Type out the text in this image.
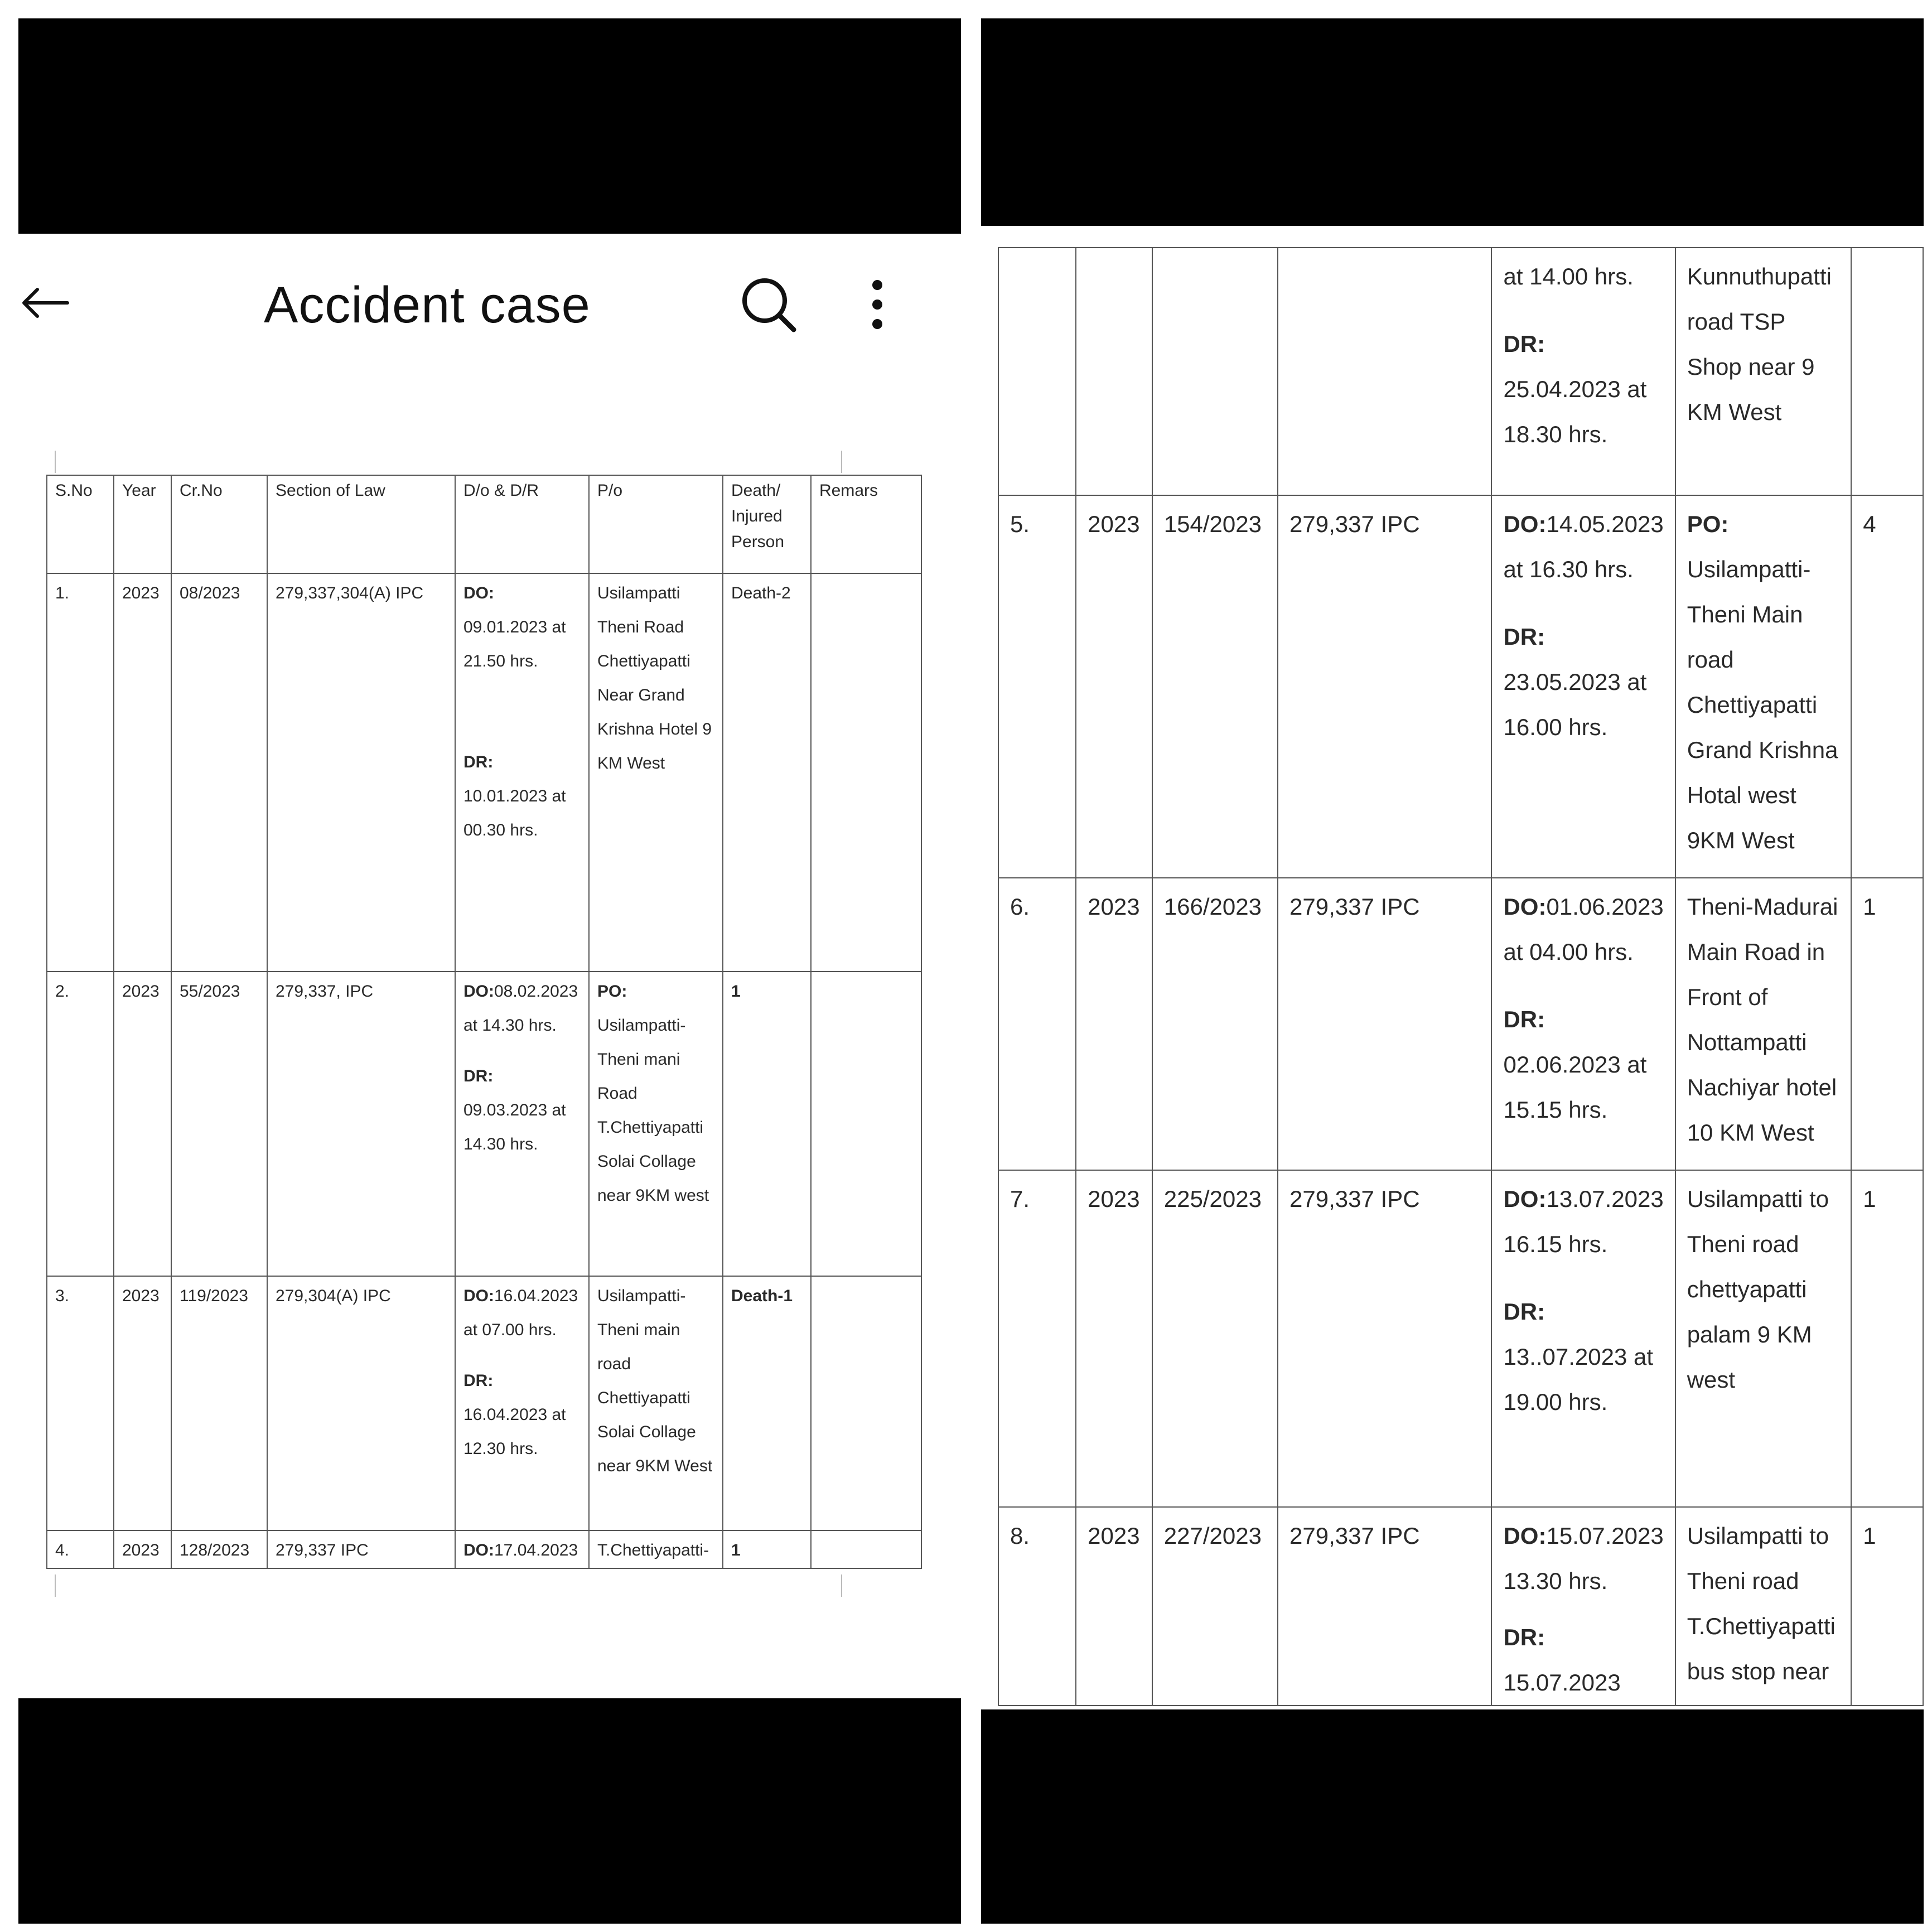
Accident case
S.No	Year	Cr.No	Section of Law	D/o & D/R	P/o	Death/ Injured Person	Remars
1.	2023	08/2023	279,337,304(A) IPC	DO:
09.01.2023 at 21.50 hrs.
DR: 10.01.2023 at 00.30 hrs.	Usilampatti Theni Road Chettiyapatti Near Grand Krishna Hotel 9 KM West	Death-2	
2.	2023	55/2023	279,337, IPC	DO:08.02.2023 at 14.30 hrs.
DR: 09.03.2023 at 14.30 hrs.	PO:
Usilampatti- Theni mani Road T.Chettiyapatti Solai Collage near 9KM west	1	
3.	2023	119/2023	279,304(A) IPC	DO:16.04.2023 at 07.00 hrs.
DR: 16.04.2023 at 12.30 hrs.	Usilampatti- Theni main road Chettiyapatti Solai Collage near 9KM West	Death-1	
4.	2023	128/2023	279,337 IPC	DO:17.04.2023	T.Chettiyapatti-	1	
				at 14.00 hrs.
DR: 25.04.2023 at 18.30 hrs.	Kunnuthupatti road TSP Shop near 9 KM West	
5.	2023	154/2023	279,337 IPC	DO:14.05.2023 at 16.30 hrs.
DR: 23.05.2023 at 16.00 hrs.	PO:
Usilampatti- Theni Main road Chettiyapatti Grand Krishna Hotal west 9KM West	4
6.	2023	166/2023	279,337 IPC	DO:01.06.2023 at 04.00 hrs.
DR: 02.06.2023 at 15.15 hrs.	Theni-Madurai Main Road in Front of Nottampatti Nachiyar hotel 10 KM West	1
7.	2023	225/2023	279,337 IPC	DO:13.07.2023 16.15 hrs.
DR:
13..07.2023 at 19.00 hrs.	Usilampatti to Theni road chettyapatti palam 9 KM west	1
8.	2023	227/2023	279,337 IPC	DO:15.07.2023 13.30 hrs.
DR: 15.07.2023	Usilampatti to Theni road T.Chettiyapatti bus stop near	1
